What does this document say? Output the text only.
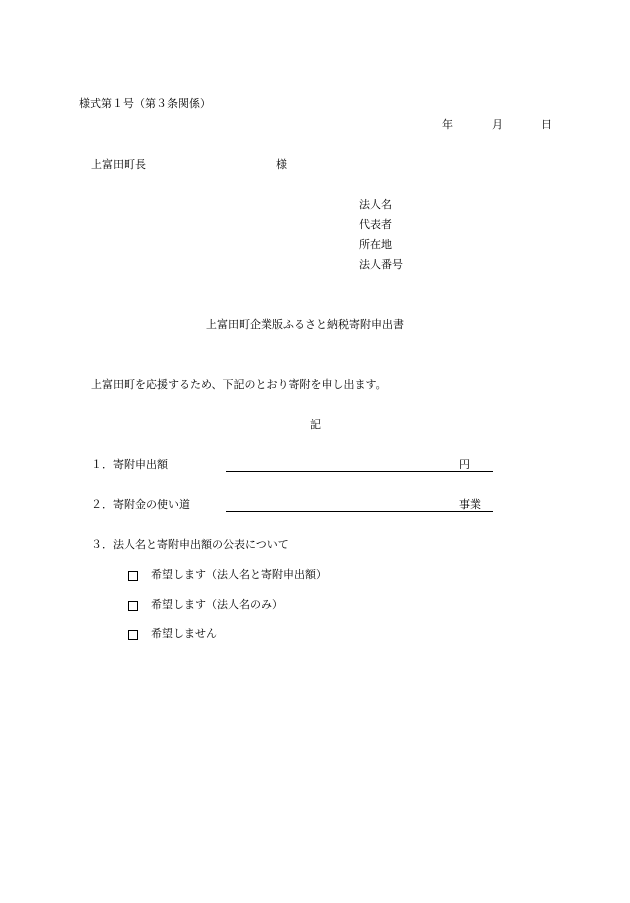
様式第１号（第３条関係）
年	月	日
上富田町長	様
法人名
代表者
所在地
法人番号
上富田町企業版ふるさと納税寄附申出書
上富田町を応援するため、下記のとおり寄附を申し出ます。
記
１．寄附申出額	円
２．寄附金の使い道	事業
３．法人名と寄附申出額の公表について
希望します（法人名と寄附申出額）
希望します（法人名のみ）
希望しません
